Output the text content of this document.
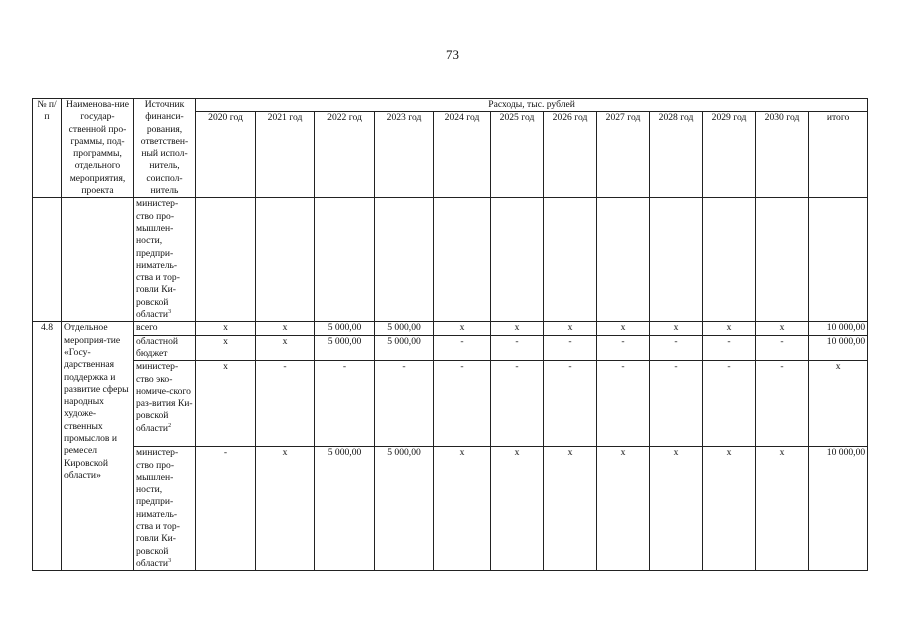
73
№ п/п	Наименова-ние государ-ственной про-граммы, под-программы, отдельного мероприятия, проекта	Источник финанси-рования, ответствен-ный испол-нитель, соиспол-нитель	Расходы, тыс. рублей											
			2020 год	2021 год	2022 год	2023 год	2024 год	2025 год	2026 год	2027 год	2028 год	2029 год	2030 год	итого
		министер-ство про-мышлен-ности, предпри-ниматель-ства и тор-говли Ки-ровской области$^3$												
4.8	Отдельное мероприя-тие «Госу-дарственная поддержка и развитие сферы народных художе-ственных промыслов и ремесел Кировской области»	всего	x	x	5 000,00	5 000,00	x	x	x	x	x	x	x	10 000,00
		областной бюджет	x	x	5 000,00	5 000,00	-	-	-	-	-	-	-	10 000,00
		министер-ство эко-номиче-ского раз-вития Ки-ровской области$^2$	x	-	-	-	-	-	-	-	-	-	-	x
		министер-ство про-мышлен-ности, предпри-ниматель-ства и тор-говли Ки-ровской области$^3$	-	x	5 000,00	5 000,00	x	x	x	x	x	x	x	10 000,00
